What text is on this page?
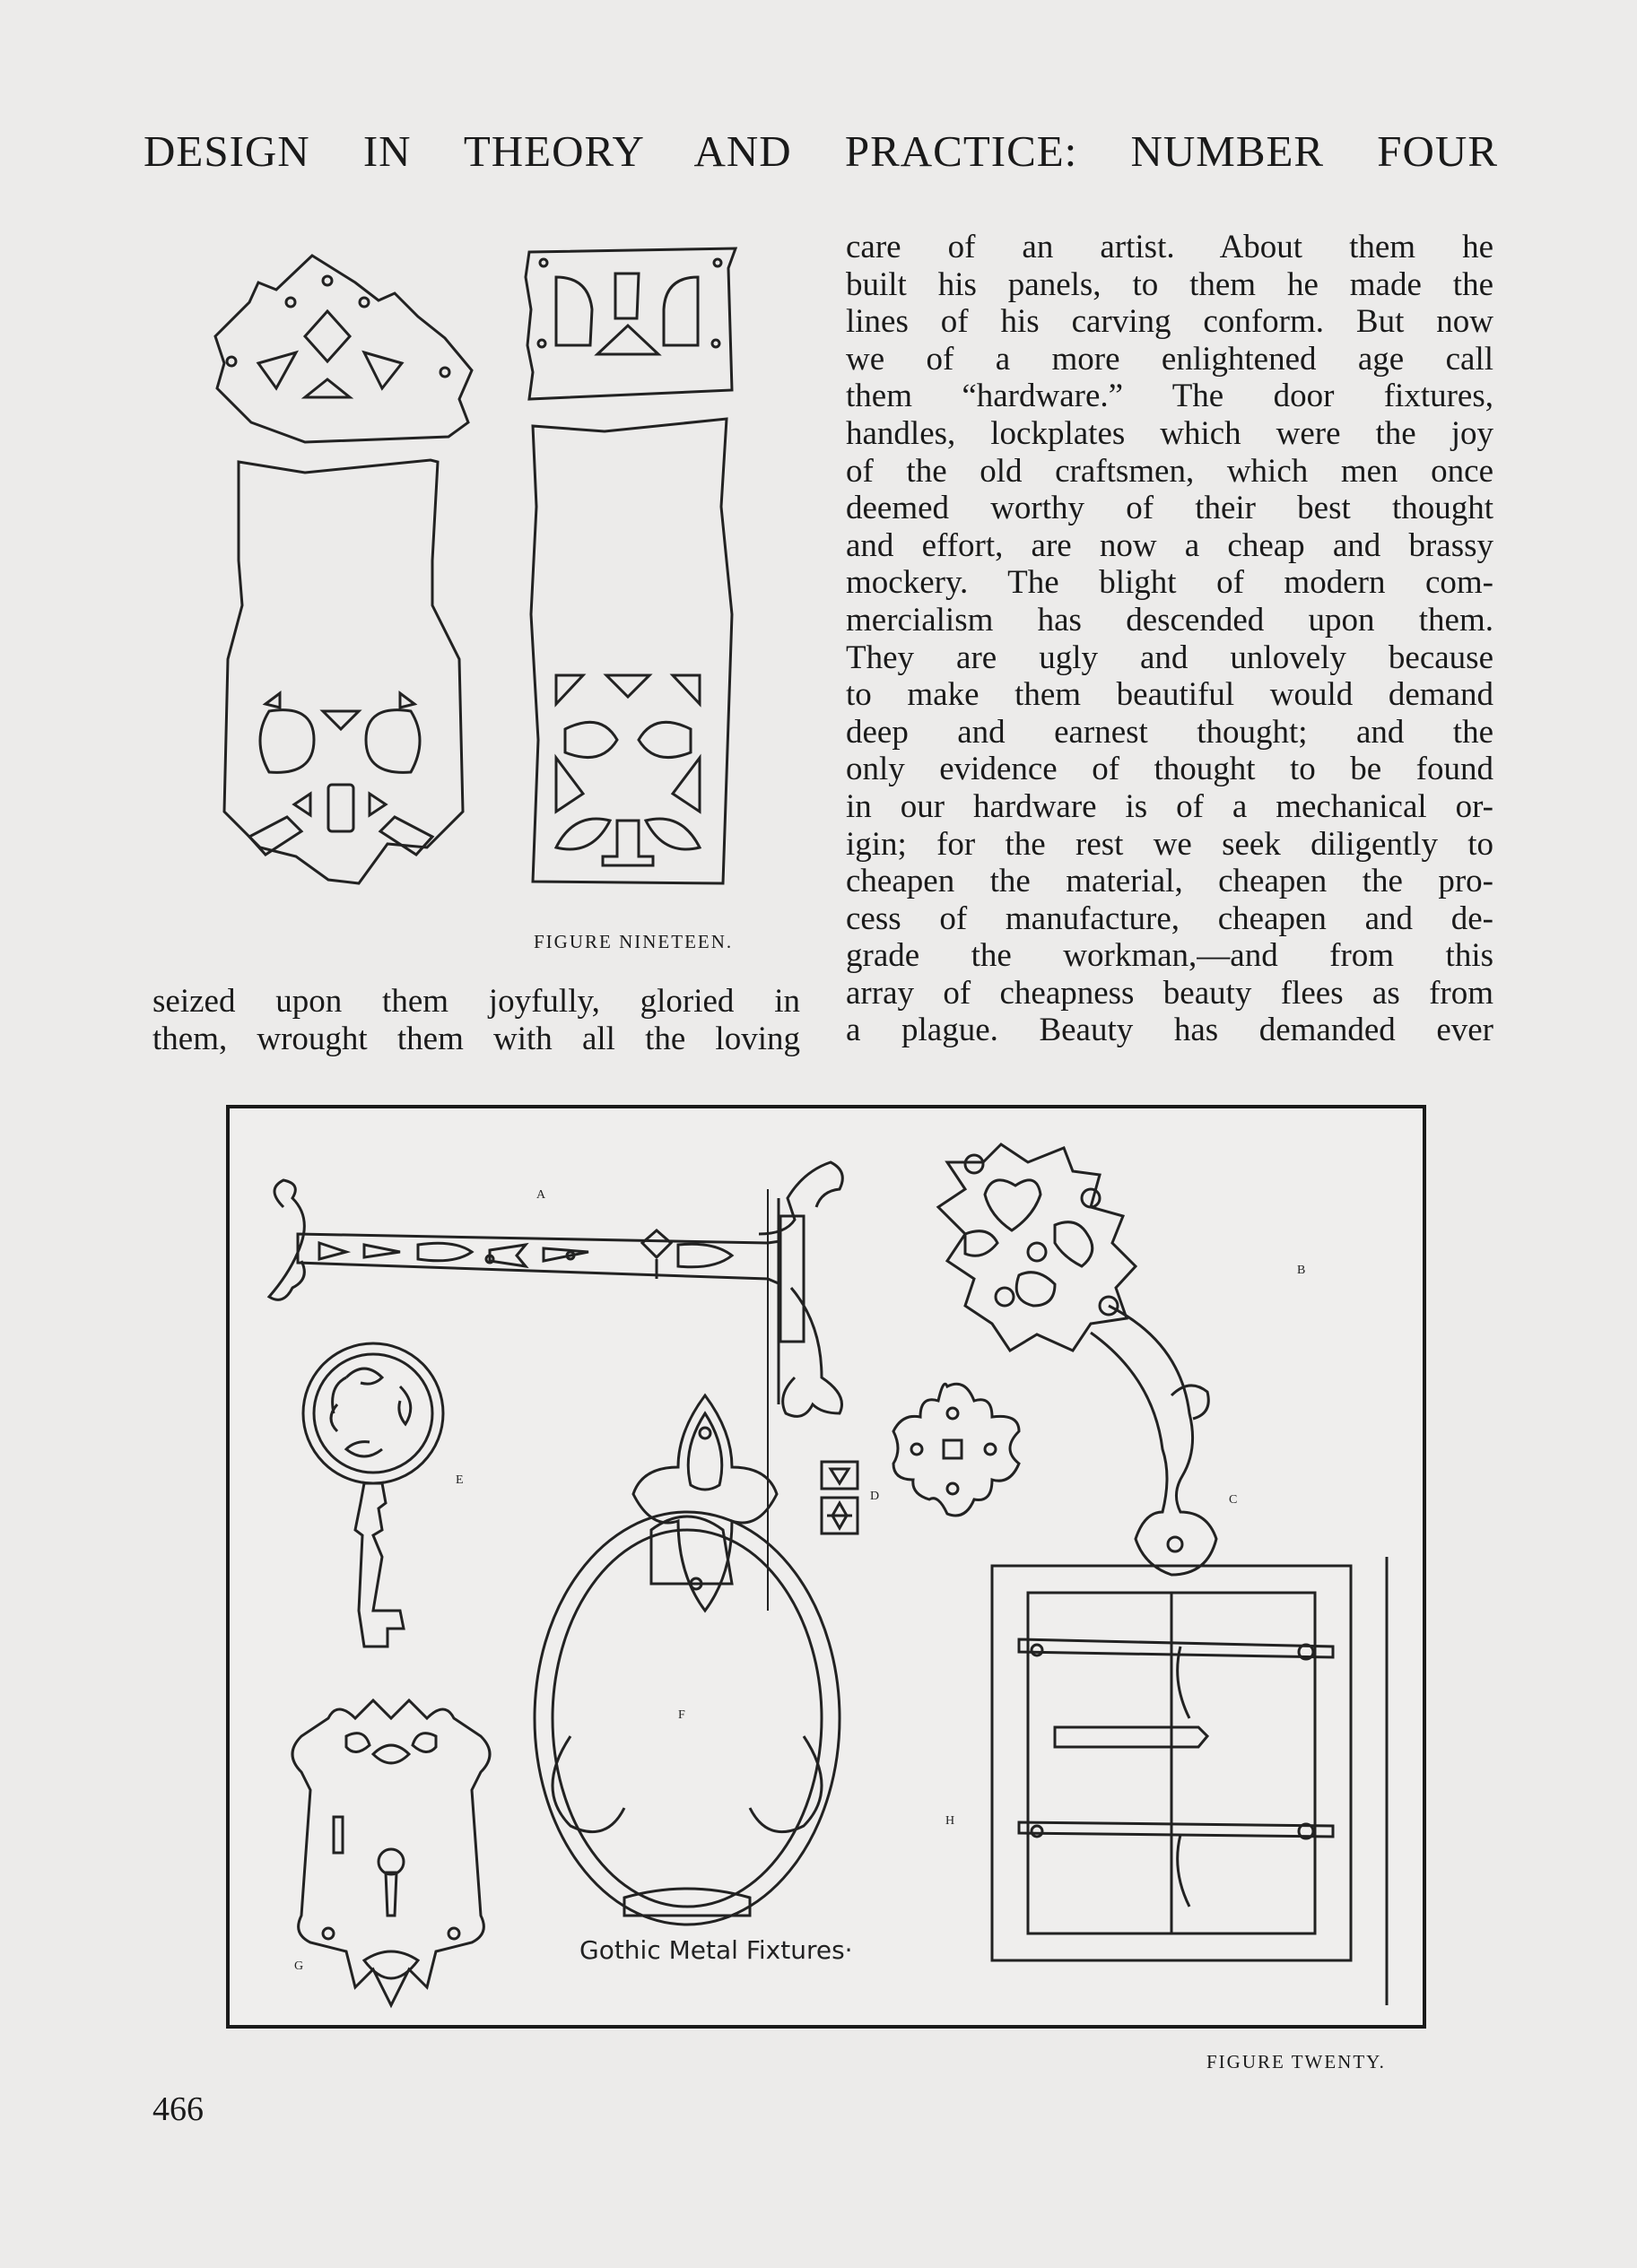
DESIGN IN THEORY AND PRACTICE: NUMBER FOUR
FIGURE NINETEEN.
care of an artist. About them he
built his panels, to them he made the
lines of his carving conform. But now
we of a more enlightened age call
them “hardware.” The door fixtures,
handles, lockplates which were the joy
of the old craftsmen, which men once
deemed worthy of their best thought
and effort, are now a cheap and brassy
mockery. The blight of modern com-
mercialism has descended upon them.
They are ugly and unlovely because
to make them beautiful would demand
deep and earnest thought; and the
only evidence of thought to be found
in our hardware is of a mechanical or-
igin; for the rest we seek diligently to
cheapen the material, cheapen the pro-
cess of manufacture, cheapen and de-
grade the workman,—and from this
array of cheapness beauty flees as from
a plague. Beauty has demanded ever
seized upon them joyfully, gloried in
them, wrought them with all the loving
A
B
C
D
E
F
G
H
Gothic Metal Fixtures·
FIGURE TWENTY.
466
